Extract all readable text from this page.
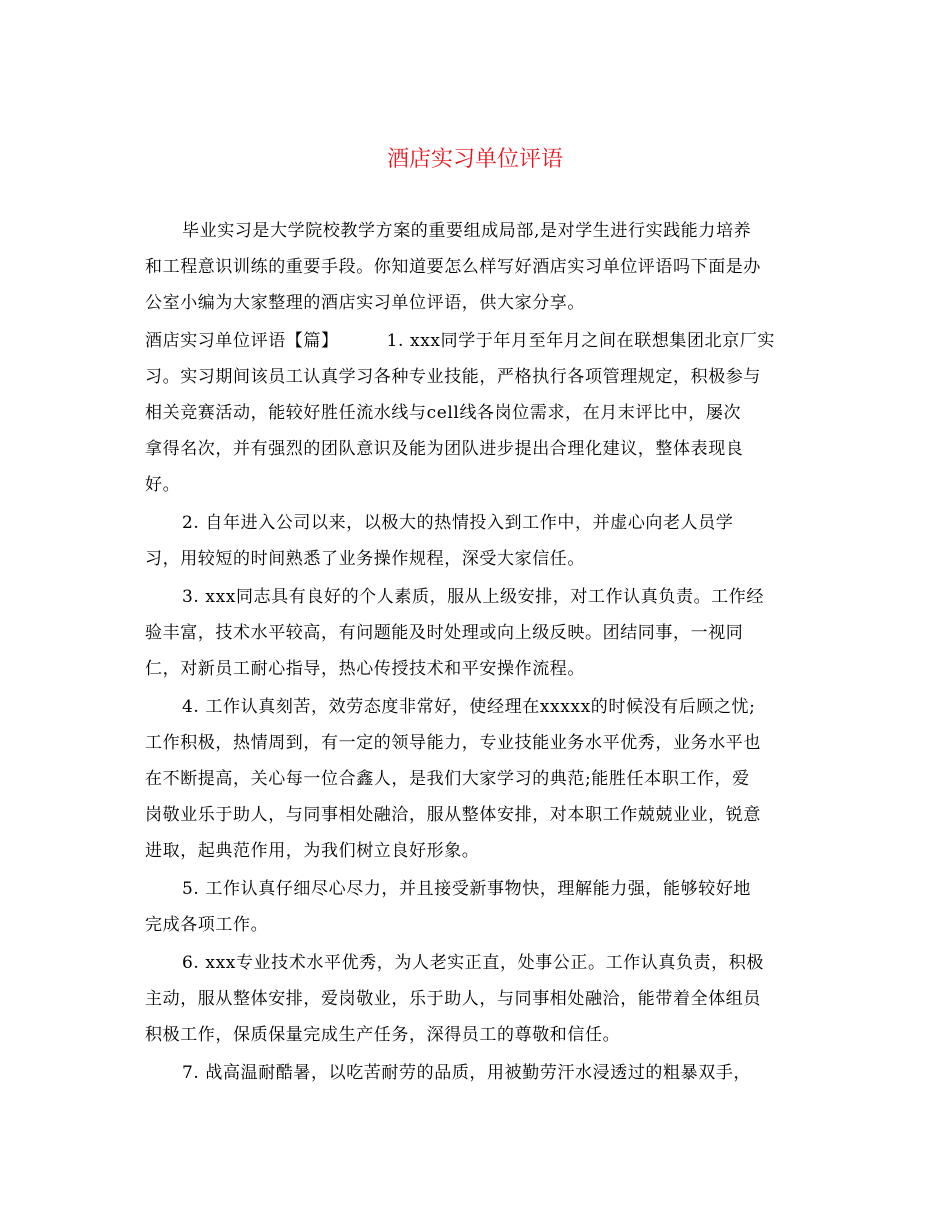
酒店实习单位评语
毕业实习是大学院校教学方案的重要组成局部,是对学生进行实践能力培养
和工程意识训练的重要手段。你知道要怎么样写好酒店实习单位评语吗下面是办
公室小编为大家整理的酒店实习单位评语，供大家分享。
酒店实习单位评语【篇】        1. xxx同学于年月至年月之间在联想集团北京厂实
习。实习期间该员工认真学习各种专业技能，严格执行各项管理规定，积极参与
相关竞赛活动，能较好胜任流水线与cell线各岗位需求，在月末评比中，屡次
拿得名次，并有强烈的团队意识及能为团队进步提出合理化建议，整体表现良
好。
2. 自年进入公司以来，以极大的热情投入到工作中，并虚心向老人员学
习，用较短的时间熟悉了业务操作规程，深受大家信任。
3. xxx同志具有良好的个人素质，服从上级安排，对工作认真负责。工作经
验丰富，技术水平较高，有问题能及时处理或向上级反映。团结同事，一视同
仁，对新员工耐心指导，热心传授技术和平安操作流程。
4. 工作认真刻苦，效劳态度非常好，使经理在xxxxx的时候没有后顾之忧;
工作积极，热情周到，有一定的领导能力，专业技能业务水平优秀，业务水平也
在不断提高，关心每一位合鑫人，是我们大家学习的典范;能胜任本职工作，爱
岗敬业乐于助人，与同事相处融洽，服从整体安排，对本职工作兢兢业业，锐意
进取，起典范作用，为我们树立良好形象。
5. 工作认真仔细尽心尽力，并且接受新事物快，理解能力强，能够较好地
完成各项工作。
6. xxx专业技术水平优秀，为人老实正直，处事公正。工作认真负责，积极
主动，服从整体安排，爱岗敬业，乐于助人，与同事相处融洽，能带着全体组员
积极工作，保质保量完成生产任务，深得员工的尊敬和信任。
7. 战高温耐酷暑，以吃苦耐劳的品质，用被勤劳汗水浸透过的粗暴双手，
